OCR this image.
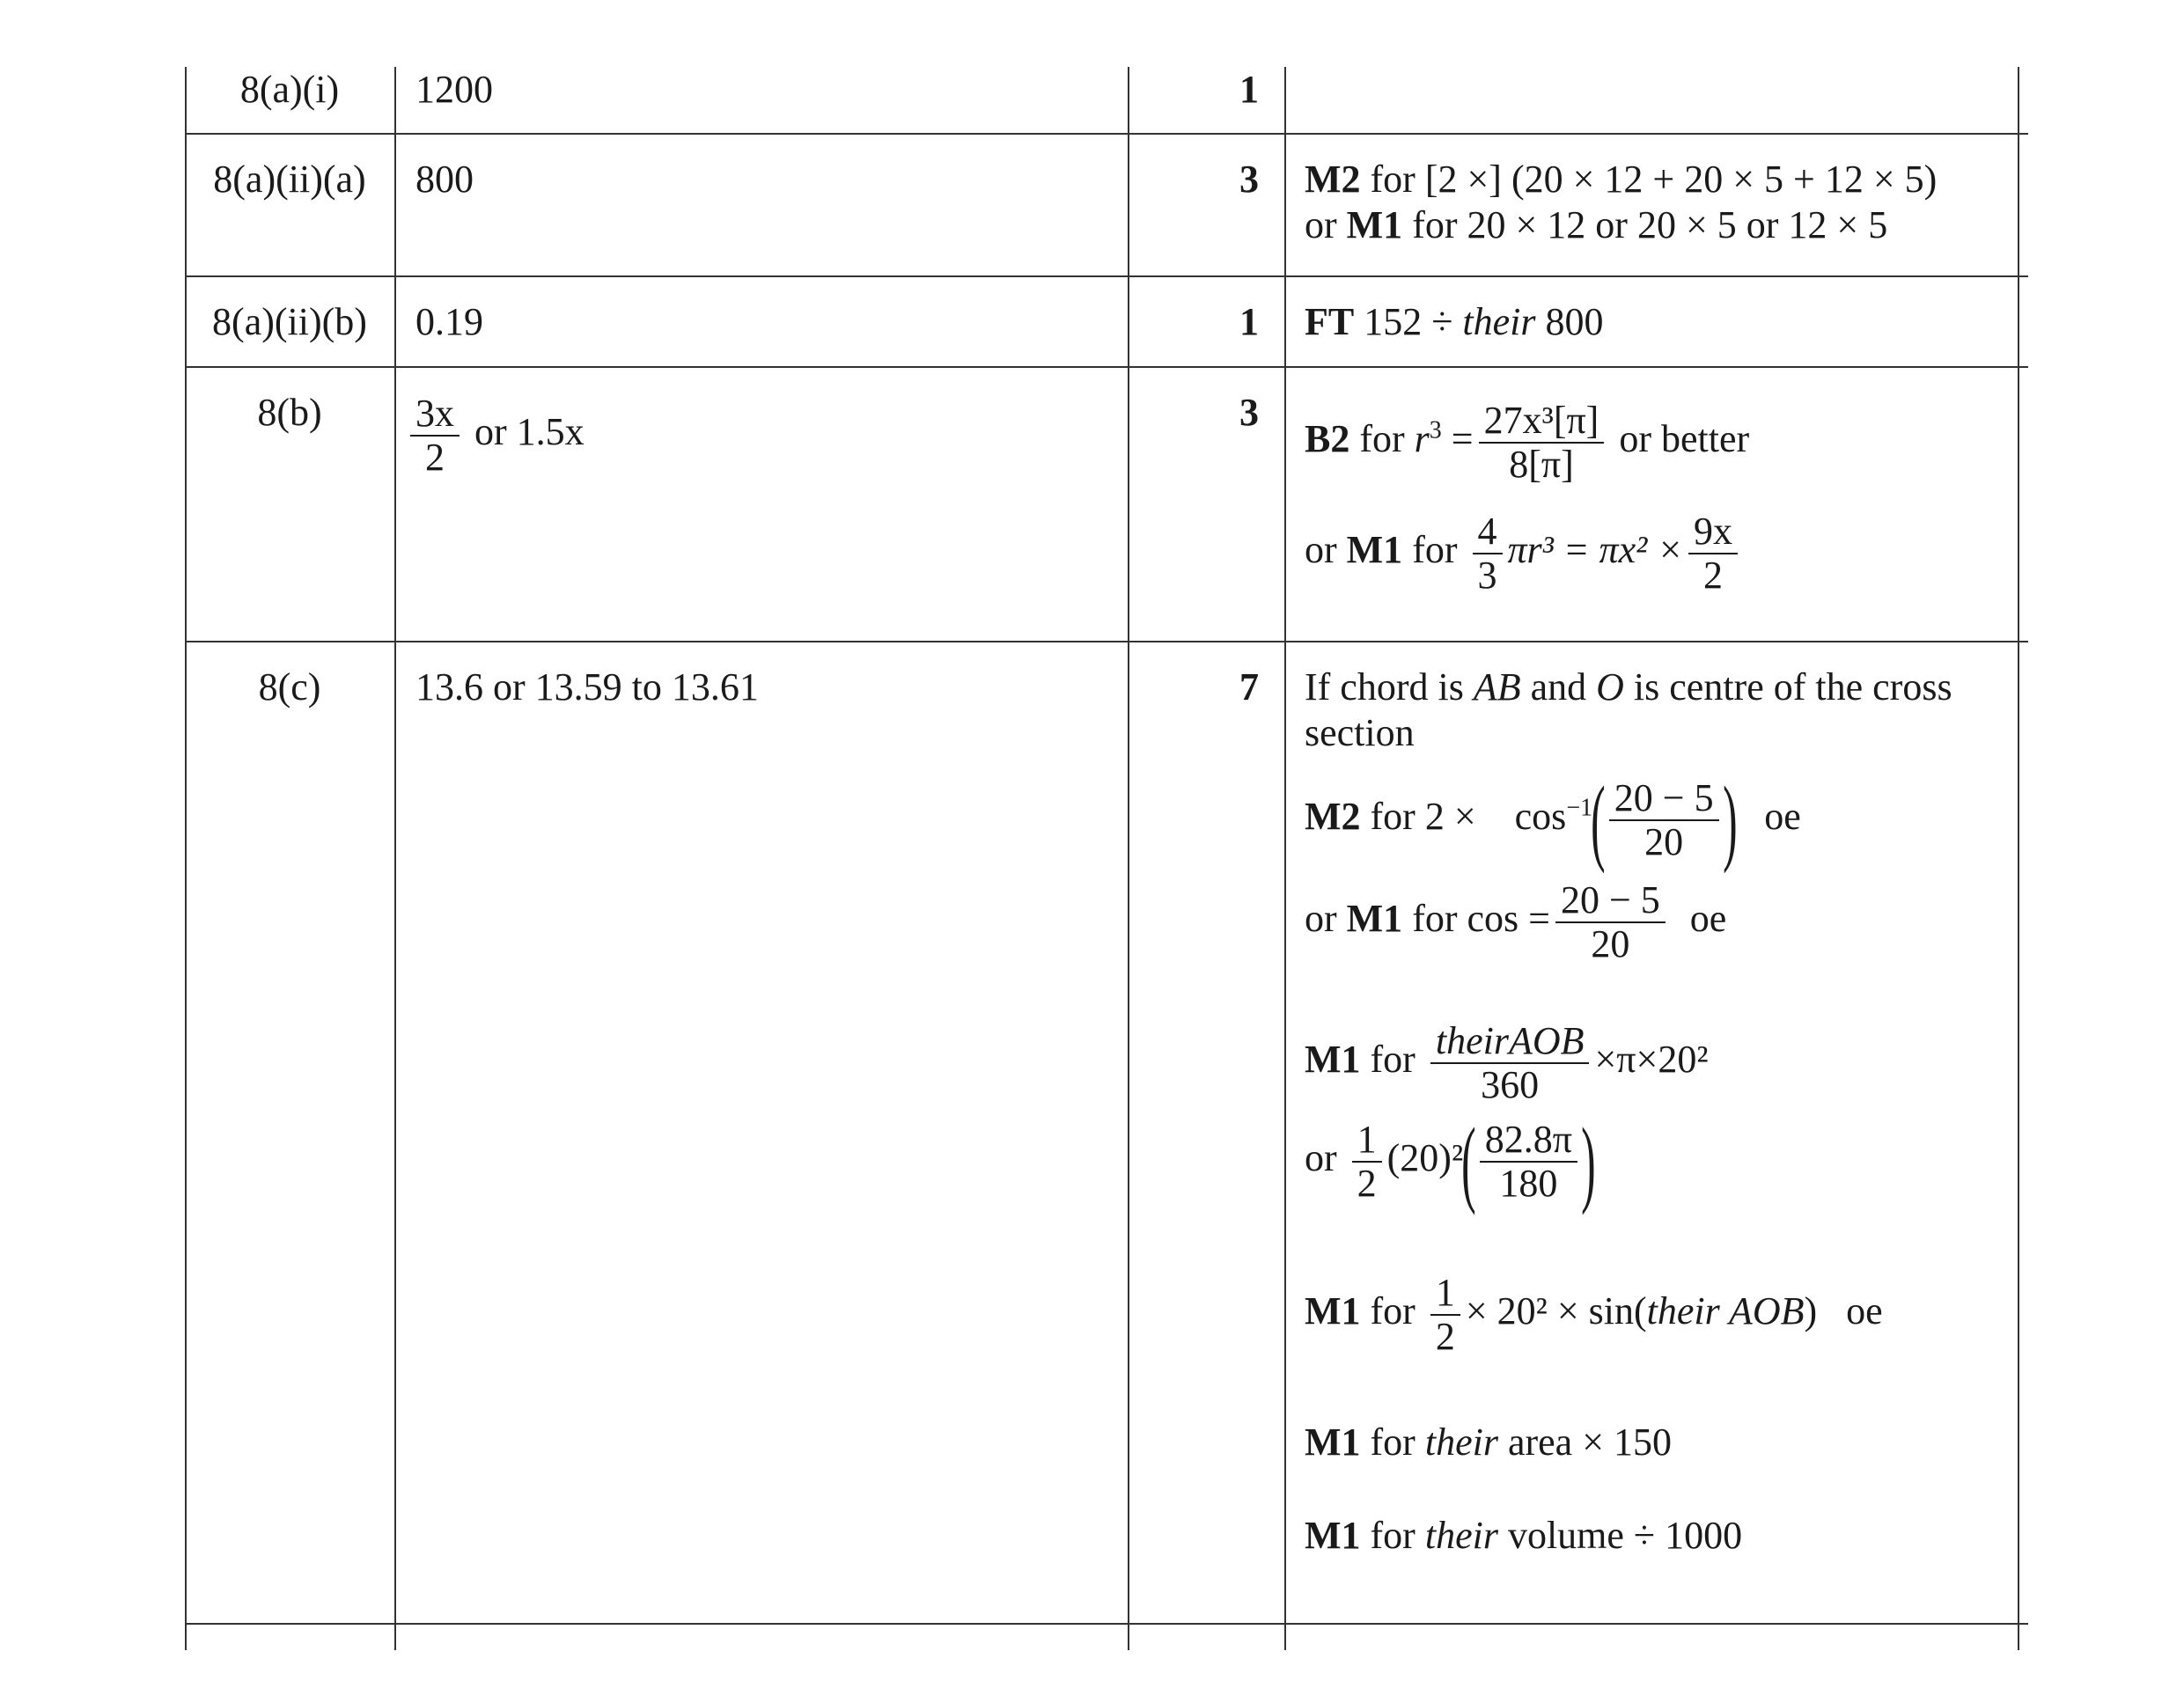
8(a)(i)	1200	1
8(a)(ii)(a)	800	3 M2 for [2 ×] (20 × 12 + 20 × 5 + 12 × 5)
or M1 for 20 × 12 or 20 × 5 or 12 × 5
8(a)(ii)(b)	0.19	1 FT 152 ÷ their 800
8(b)	$\frac{3x}{2}$ or 1.5x	3
B2 for $r^3 = \frac{\text{27x³[π]}}{8[\pi]}$ or better
or M1 for $\frac{4}{3} \pi r^3 = \pi x^2 \times \frac{9x}{2}$
8(c)	13.6 or 13.59 to 13.61	7 If chord is AB and O is centre of the cross
section
M2 for 2 ×    $\cos^{-1}( \frac{20 - 5}{20}$ ) oe
or M1 for $\cos = \frac{20 - 5}{20}$ oe
M1 for $\frac{\text{theirAOB}}{360} \times\pi\times 20^2$
or $\frac{1}{2} (20)^2( \frac{82.8\pi}{180}$ )
M1 for $\frac{1}{2} \times 20^2$ × sin(their AOB) oe
M1 for their area × 150
M1 for their volume ÷ 1000
